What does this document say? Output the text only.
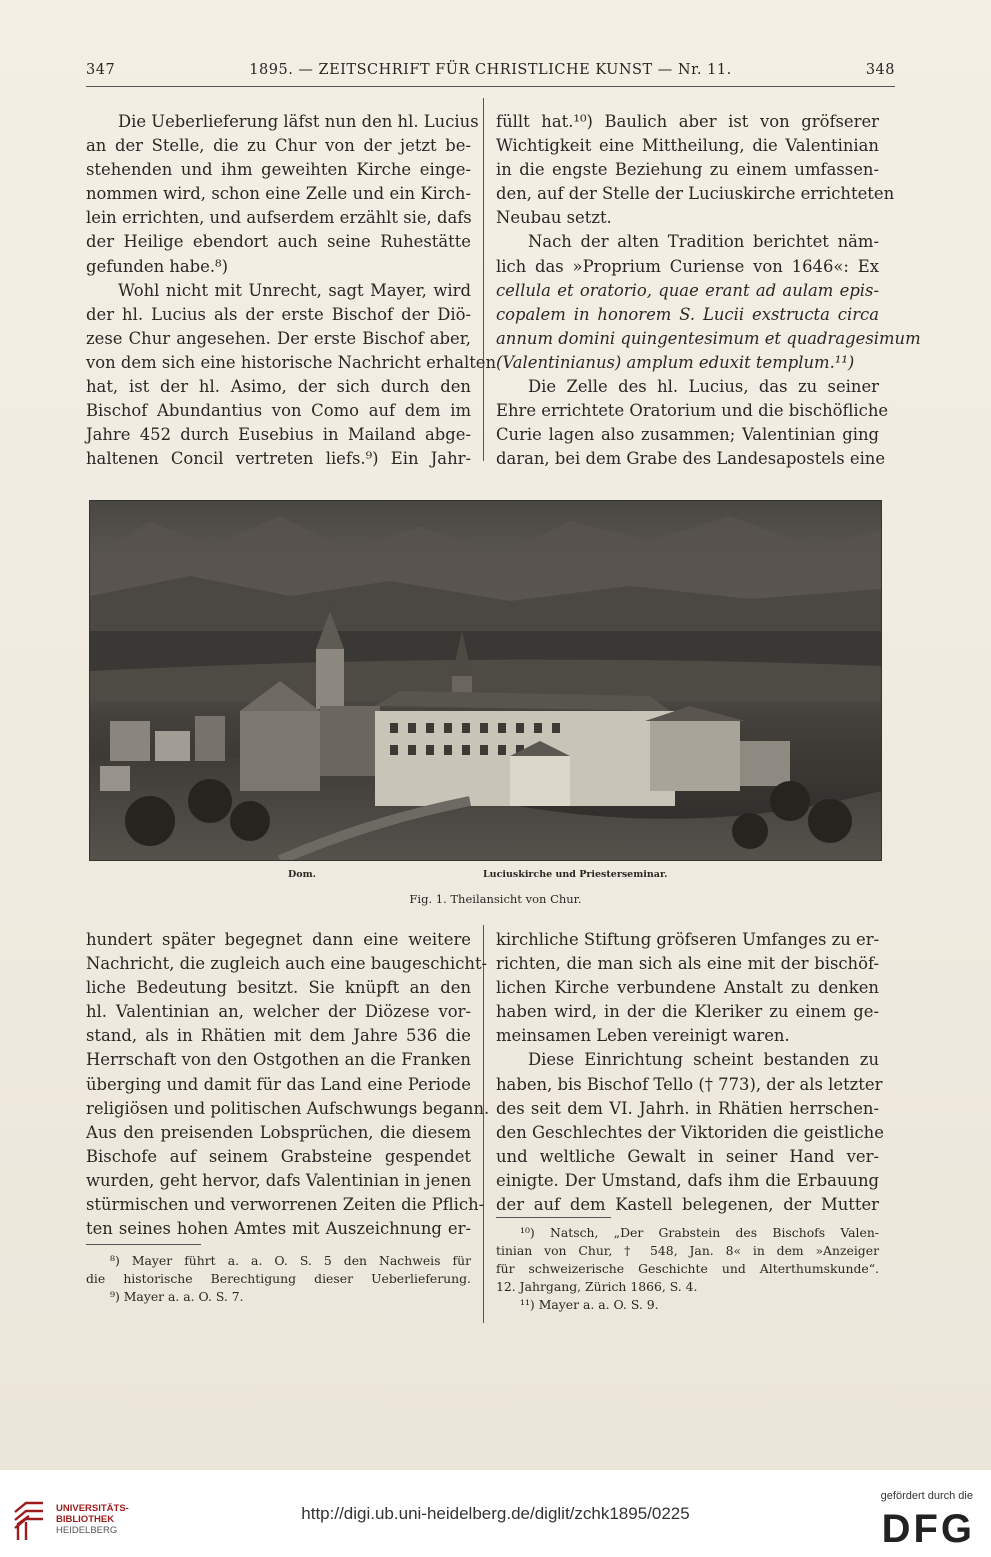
347	1895. — ZEITSCHRIFT FÜR CHRISTLICHE KUNST — Nr. 11.	348
Die Ueberlieferung läfst nun den hl. Lucius
an der Stelle, die zu Chur von der jetzt be-
stehenden und ihm geweihten Kirche einge-
nommen wird, schon eine Zelle und ein Kirch-
lein errichten, und aufserdem erzählt sie, dafs
der Heilige ebendort auch seine Ruhestätte
gefunden habe.⁸)
Wohl nicht mit Unrecht, sagt Mayer, wird
der hl. Lucius als der erste Bischof der Diö-
zese Chur angesehen. Der erste Bischof aber,
von dem sich eine historische Nachricht erhalten
hat, ist der hl. Asimo, der sich durch den
Bischof Abundantius von Como auf dem im
Jahre 452 durch Eusebius in Mailand abge-
haltenen Concil vertreten liefs.⁹) Ein Jahr-
füllt hat.¹⁰) Baulich aber ist von gröfserer
Wichtigkeit eine Mittheilung, die Valentinian
in die engste Beziehung zu einem umfassen-
den, auf der Stelle der Luciuskirche errichteten
Neubau setzt.
Nach der alten Tradition berichtet näm-
lich das »Proprium Curiense von 1646«: Ex
cellula et oratorio, quae erant ad aulam epis-
copalem in honorem S. Lucii exstructa circa
annum domini quingentesimum et quadragesimum
(Valentinianus) amplum eduxit templum.¹¹)
Die Zelle des hl. Lucius, das zu seiner
Ehre errichtete Oratorium und die bischöfliche
Curie lagen also zusammen; Valentinian ging
daran, bei dem Grabe des Landesapostels eine
Dom.	Luciuskirche und Priesterseminar.
Fig. 1. Theilansicht von Chur.
hundert später begegnet dann eine weitere
Nachricht, die zugleich auch eine baugeschicht-
liche Bedeutung besitzt. Sie knüpft an den
hl. Valentinian an, welcher der Diözese vor-
stand, als in Rhätien mit dem Jahre 536 die
Herrschaft von den Ostgothen an die Franken
überging und damit für das Land eine Periode
religiösen und politischen Aufschwungs begann.
Aus den preisenden Lobsprüchen, die diesem
Bischofe auf seinem Grabsteine gespendet
wurden, geht hervor, dafs Valentinian in jenen
stürmischen und verworrenen Zeiten die Pflich-
ten seines hohen Amtes mit Auszeichnung er-
kirchliche Stiftung gröfseren Umfanges zu er-
richten, die man sich als eine mit der bischöf-
lichen Kirche verbundene Anstalt zu denken
haben wird, in der die Kleriker zu einem ge-
meinsamen Leben vereinigt waren.
Diese Einrichtung scheint bestanden zu
haben, bis Bischof Tello († 773), der als letzter
des seit dem VI. Jahrh. in Rhätien herrschen-
den Geschlechtes der Viktoriden die geistliche
und weltliche Gewalt in seiner Hand ver-
einigte. Der Umstand, dafs ihm die Erbauung
der auf dem Kastell belegenen, der Mutter
⁸) Mayer führt a. a. O. S. 5 den Nachweis für
die historische Berechtigung dieser Ueberlieferung.
⁹) Mayer a. a. O. S. 7.
¹⁰) Natsch, „Der Grabstein des Bischofs Valen-
tinian von Chur, † 548, Jan. 8« in dem »Anzeiger
für schweizerische Geschichte und Alterthumskunde“.
12. Jahrgang, Zürich 1866, S. 4.
¹¹) Mayer a. a. O. S. 9.
UNIVERSITÄTS-
BIBLIOTHEK
HEIDELBERG
http://digi.ub.uni-heidelberg.de/diglit/zchk1895/0225
gefördert durch die
DFG
